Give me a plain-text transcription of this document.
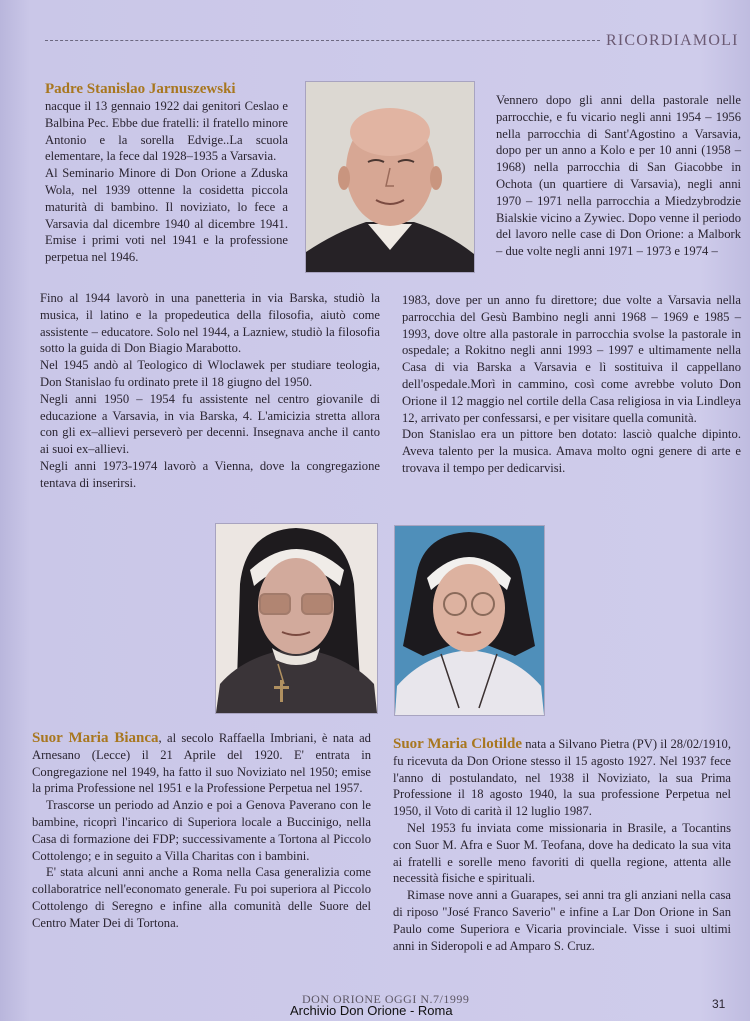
RICORDIAMOLI

Padre Stanislao Jarnuszewski

nacque il 13 gennaio 1922 dai genitori Ceslao e Balbina Pec. Ebbe due fratelli: il fratello minore Antonio e la sorella Edvige..La scuola elementare, la fece dal 1928–1935 a Varsavia.

Al Seminario Minore di Don Orione a Zduska Wola, nel 1939 ottenne la cosidetta piccola maturità di bambino. Il noviziato, lo fece a Varsavia dal dicembre 1940 al dicembre 1941. Emise i primi voti nel 1941 e la professione perpetua nel 1946.

Vennero dopo gli anni della pastorale nelle parrocchie, e fu vicario negli anni 1954 – 1956 nella parrocchia di Sant'Agostino a Varsavia, dopo per un anno a Kolo e per 10 anni (1958 – 1968) nella parrocchia di San Giacobbe in Ochota (un quartiere di Varsavia), negli anni 1970 – 1971 nella parrocchia a Miedzybrodzie Bialskie vicino a Zywiec. Dopo venne il periodo del lavoro nelle case di Don Orione: a Malbork – due volte negli anni 1971 – 1973 e 1974 –

Fino al 1944 lavorò in una panetteria in via Barska, studiò la musica, il latino e la propedeutica della filosofia, aiutò come assistente – educatore. Solo nel 1944, a Lazniew, studiò la filosofia sotto la guida di Don Biagio Marabotto.

Nel 1945 andò al Teologico di Wloclawek per studiare teologia, Don Stanislao fu ordinato prete il 18 giugno del 1950.

Negli anni 1950 – 1954 fu assistente nel centro giovanile di educazione a Varsavia, in via Barska, 4. L'amicizia stretta allora con gli ex–allievi perseverò per decenni. Insegnava anche il canto ai suoi ex–allievi.

Negli anni 1973-1974 lavorò a Vienna, dove la congregazione tentava di inserirsi.

1983, dove per un anno fu direttore; due volte a Varsavia nella parrocchia del Gesù Bambino negli anni 1968 – 1969 e 1985 – 1993, dove oltre alla pastorale in parrocchia svolse la pastorale in ospedale; a Rokitno negli anni 1993 – 1997 e ultimamente nella Casa di via Barska a Varsavia e lì sostituiva il cappellano dell'ospedale.Morì in cammino, così come avrebbe voluto Don Orione il 12 maggio nel cortile della Casa religiosa in via Lindleya 12, arrivato per confessarsi, e per visitare quella comunità.

Don Stanislao era un pittore ben dotato: lasciò qualche dipinto. Aveva talento per la musica. Amava molto ogni genere di arte e trovava il tempo per dedicarvisi.

Suor Maria Bianca, al secolo Raffaella Imbriani, è nata ad Arnesano (Lecce) il 21 Aprile del 1920. E' entrata in Congregazione nel 1949, ha fatto il suo Noviziato nel 1950; emise la prima Professione nel 1951 e la Professione Perpetua nel 1957.

Trascorse un periodo ad Anzio e poi a Genova Paverano con le bambine, ricoprì l'incarico di Superiora locale a Buccinigo, nella Casa di formazione dei FDP; successivamente a Tortona al Piccolo Cottolengo; e in seguito a Villa Charitas con i bambini.

E' stata alcuni anni anche a Roma nella Casa generalizia come collaboratrice nell'economato generale. Fu poi superiora al Piccolo Cottolengo di Seregno e infine alla comunità delle Suore del Centro Mater Dei di Tortona.

Suor Maria Clotilde nata a Silvano Pietra (PV) il 28/02/1910, fu ricevuta da Don Orione stesso il 15 agosto 1927. Nel 1937 fece l'anno di postulandato, nel 1938 il Noviziato, la sua Prima Professione il 18 agosto 1940, la sua professione Perpetua nel 1950, il Voto di carità il 12 luglio 1987.

Nel 1953 fu inviata come missionaria in Brasile, a Tocantins con Suor M. Afra e Suor M. Teofana, dove ha dedicato la sua vita ai fratelli e sorelle meno favoriti di quella regione, attenta alle necessità fisiche e spirituali.

Rimase nove anni a Guarapes, sei anni tra gli anziani nella casa di riposo "José Franco Saverio" e infine a Lar Don Orione in San Paulo come Superiora e Vicaria provinciale. Visse i suoi ultimi anni in Sideropoli e ad Amparo S. Cruz.

DON ORIONE OGGI N.7/1999
Archivio Don Orione - Roma	31
